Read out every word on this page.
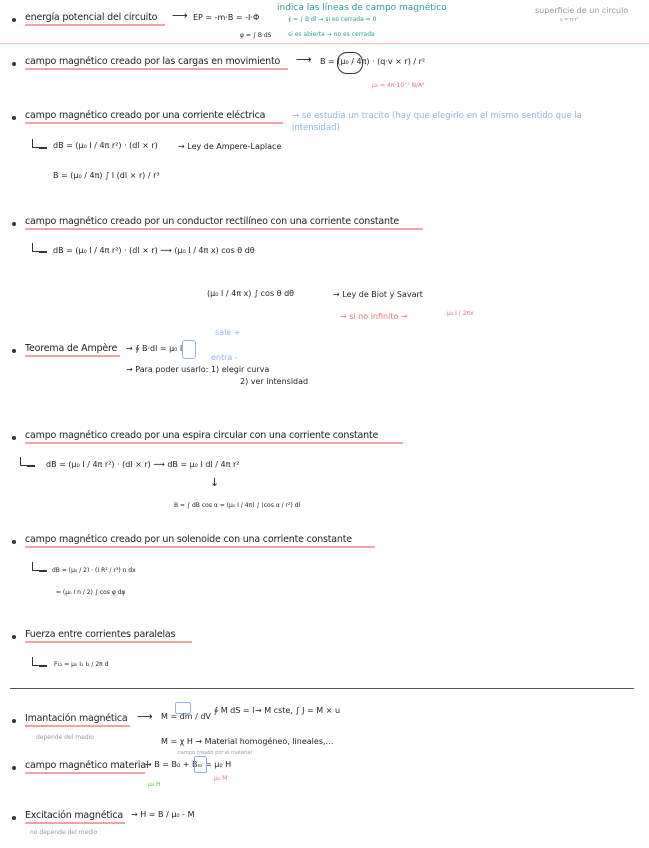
superficie de un circulo
s = π·r²
energía potencial del circuito ⟶ EP = -m·B = -I·Φ
φ = ∫ B·dS
indica las líneas de campo magnético
∮ = ∫ B·dl → si es cerrada = 0
si es abierta → no es cerrada
campo magnético creado por las cargas en movimiento ⟶ B = (μ₀ / 4π) · (q·v × r) / r²
μ₀ = 4π·10⁻⁷ N/A²
campo magnético creado por una corriente eléctrica	→ se estudia un tracito (hay que elegirlo en el mismo sentido que la intensidad)
dB = (μ₀ I / 4π r²) · (dl × r)	→ Ley de Ampere-Laplace
B = (μ₀ / 4π) ∫ I (dl × r) / r³
campo magnético creado por un conductor rectilíneo con una corriente constante
dB = (μ₀ I / 4π r²) · (dl × r) ⟿ (μ₀ I / 4π x) cos θ dθ
(μ₀ I / 4π x) ∫ cos θ dθ	→ Ley de Biot y Savart
→ si no infinito →	μ₀ I / 2πx
Teorema de Ampère → ∮ B·dl = μ₀ I
sale +
entra -
→ Para poder usarlo: 1) elegir curva
2) ver intensidad
campo magnético creado por una espira circular con una corriente constante
dB = (μ₀ I / 4π r²) · (dl × r) ⟿ dB = μ₀ I dl / 4π r²
↓
B = ∫ dB cos α = (μ₀ I / 4π) ∫ (cos α / r²) dl
campo magnético creado por un solenoide con una corriente constante
dB = (μ₀ / 2) · (I R² / r³) n dx
= (μ₀ I n / 2) ∫ cos φ dφ
Fuerza entre corrientes paralelas
F₁₂ = μ₀ I₁ I₂ / 2π d
Imantación magnética
depende del medio
⟶ M = dm / dV
∮ M dS = I → M cste, ∫ J = M × u
M = χ H → Material homogéneo, lineales,…
campo magnético material
campo creado por el material
→ B = B₀ + Bₘ = μ₀ H
μ₀ H
μ₀ M
Excitación magnética
no depende del medio
→ H = B / μ₀ - M
